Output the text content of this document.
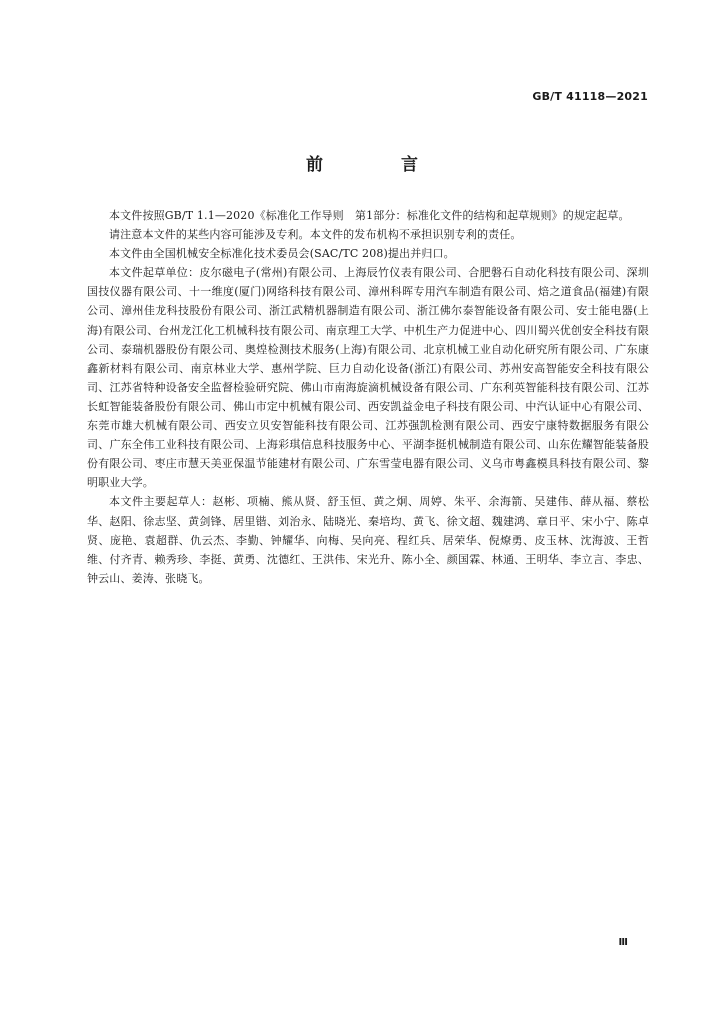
GB/T 41118—2021
前 言

本文件按照GB/T 1.1—2020《标准化工作导则　第1部分：标准化文件的结构和起草规则》的规定起草。

请注意本文件的某些内容可能涉及专利。本文件的发布机构不承担识别专利的责任。

本文件由全国机械安全标准化技术委员会(SAC/TC 208)提出并归口。

本文件起草单位：皮尔磁电子(常州)有限公司、上海辰竹仪表有限公司、合肥磐石自动化科技有限公司、深圳国技仪器有限公司、十一维度(厦门)网络科技有限公司、漳州科晖专用汽车制造有限公司、焙之道食品(福建)有限公司、漳州佳龙科技股份有限公司、浙江武精机器制造有限公司、浙江佛尔泰智能设备有限公司、安士能电器(上海)有限公司、台州龙江化工机械科技有限公司、南京理工大学、中机生产力促进中心、四川蜀兴优创安全科技有限公司、泰瑞机器股份有限公司、奥煌检测技术服务(上海)有限公司、北京机械工业自动化研究所有限公司、广东康鑫新材料有限公司、南京林业大学、惠州学院、巨力自动化设备(浙江)有限公司、苏州安高智能安全科技有限公司、江苏省特种设备安全监督检验研究院、佛山市南海旋滴机械设备有限公司、广东利英智能科技有限公司、江苏长虹智能装备股份有限公司、佛山市定中机械有限公司、西安凯益金电子科技有限公司、中汽认证中心有限公司、东莞市雄大机械有限公司、西安立贝安智能科技有限公司、江苏强凯检测有限公司、西安宁康特数据服务有限公司、广东全伟工业科技有限公司、上海彩琪信息科技服务中心、平湖李挺机械制造有限公司、山东佐耀智能装备股份有限公司、枣庄市慧天美亚保温节能建材有限公司、广东雪莹电器有限公司、义乌市粤鑫模具科技有限公司、黎明职业大学。

本文件主要起草人：赵彬、项楠、熊从贤、舒玉恒、黄之炯、周婷、朱平、余海箭、吴建伟、薛从福、蔡松华、赵阳、徐志坚、黄剑锋、居里锴、刘治永、陆晓光、秦培均、黄飞、徐文超、魏建鸿、章日平、宋小宁、陈卓贤、庞艳、袁超群、仇云杰、李勤、钟耀华、向梅、吴向亮、程红兵、居荣华、倪燎勇、皮玉林、沈海波、王哲维、付齐青、赖秀珍、李挺、黄勇、沈德红、王洪伟、宋光升、陈小全、颜国霖、林通、王明华、李立言、李忠、钟云山、姜涛、张晓飞。

Ⅲ
